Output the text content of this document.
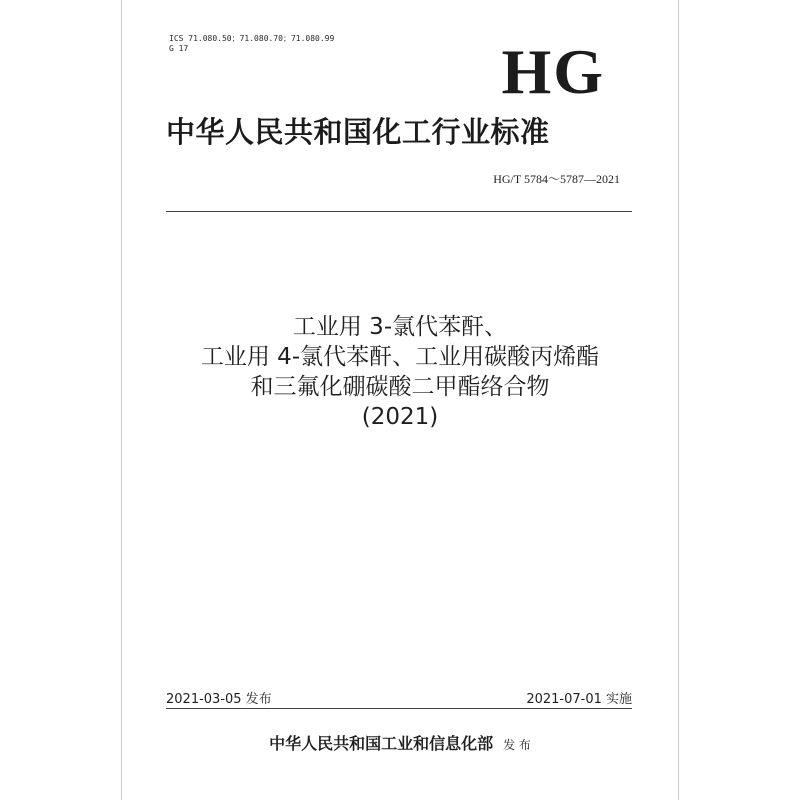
ICS 71.080.50；71.080.70；71.080.99
G 17	HG
中华人民共和国化工行业标准
HG/T 5784～5787—2021
工业用 3-氯代苯酐、
工业用 4-氯代苯酐、工业用碳酸丙烯酯
和三氟化硼碳酸二甲酯络合物
(2021)
2021-03-05 发布	2021-07-01 实施
中华人民共和国工业和信息化部 发 布
